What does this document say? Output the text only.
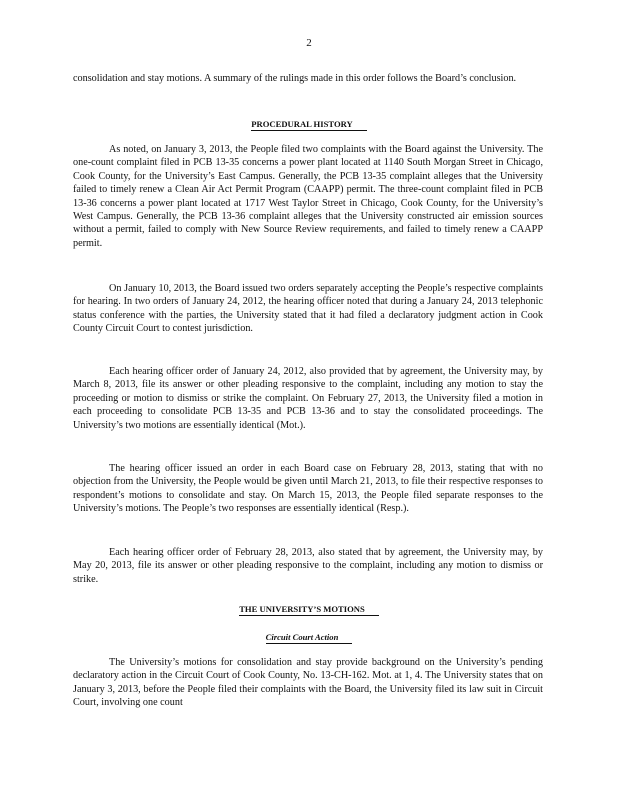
2

consolidation and stay motions. A summary of the rulings made in this order follows the Board’s conclusion.

PROCEDURAL HISTORY

As noted, on January 3, 2013, the People filed two complaints with the Board against the University. The one-count complaint filed in PCB 13-35 concerns a power plant located at 1140 South Morgan Street in Chicago, Cook County, for the University’s East Campus. Generally, the PCB 13-35 complaint alleges that the University failed to timely renew a Clean Air Act Permit Program (CAAPP) permit. The three-count complaint filed in PCB 13-36 concerns a power plant located at 1717 West Taylor Street in Chicago, Cook County, for the University’s West Campus. Generally, the PCB 13-36 complaint alleges that the University constructed air emission sources without a permit, failed to comply with New Source Review requirements, and failed to timely renew a CAAPP permit.

On January 10, 2013, the Board issued two orders separately accepting the People’s respective complaints for hearing. In two orders of January 24, 2012, the hearing officer noted that during a January 24, 2013 telephonic status conference with the parties, the University stated that it had filed a declaratory judgment action in Cook County Circuit Court to contest jurisdiction.

Each hearing officer order of January 24, 2012, also provided that by agreement, the University may, by March 8, 2013, file its answer or other pleading responsive to the complaint, including any motion to stay the proceeding or motion to dismiss or strike the complaint. On February 27, 2013, the University filed a motion in each proceeding to consolidate PCB 13-35 and PCB 13-36 and to stay the consolidated proceedings. The University’s two motions are essentially identical (Mot.).

The hearing officer issued an order in each Board case on February 28, 2013, stating that with no objection from the University, the People would be given until March 21, 2013, to file their respective responses to respondent’s motions to consolidate and stay. On March 15, 2013, the People filed separate responses to the University’s motions. The People’s two responses are essentially identical (Resp.).

Each hearing officer order of February 28, 2013, also stated that by agreement, the University may, by May 20, 2013, file its answer or other pleading responsive to the complaint, including any motion to dismiss or strike.

THE UNIVERSITY’S MOTIONS
Circuit Court Action

The University’s motions for consolidation and stay provide background on the University’s pending declaratory action in the Circuit Court of Cook County, No. 13-CH-162. Mot. at 1, 4. The University states that on January 3, 2013, before the People filed their complaints with the Board, the University filed its law suit in Circuit Court, involving one count
